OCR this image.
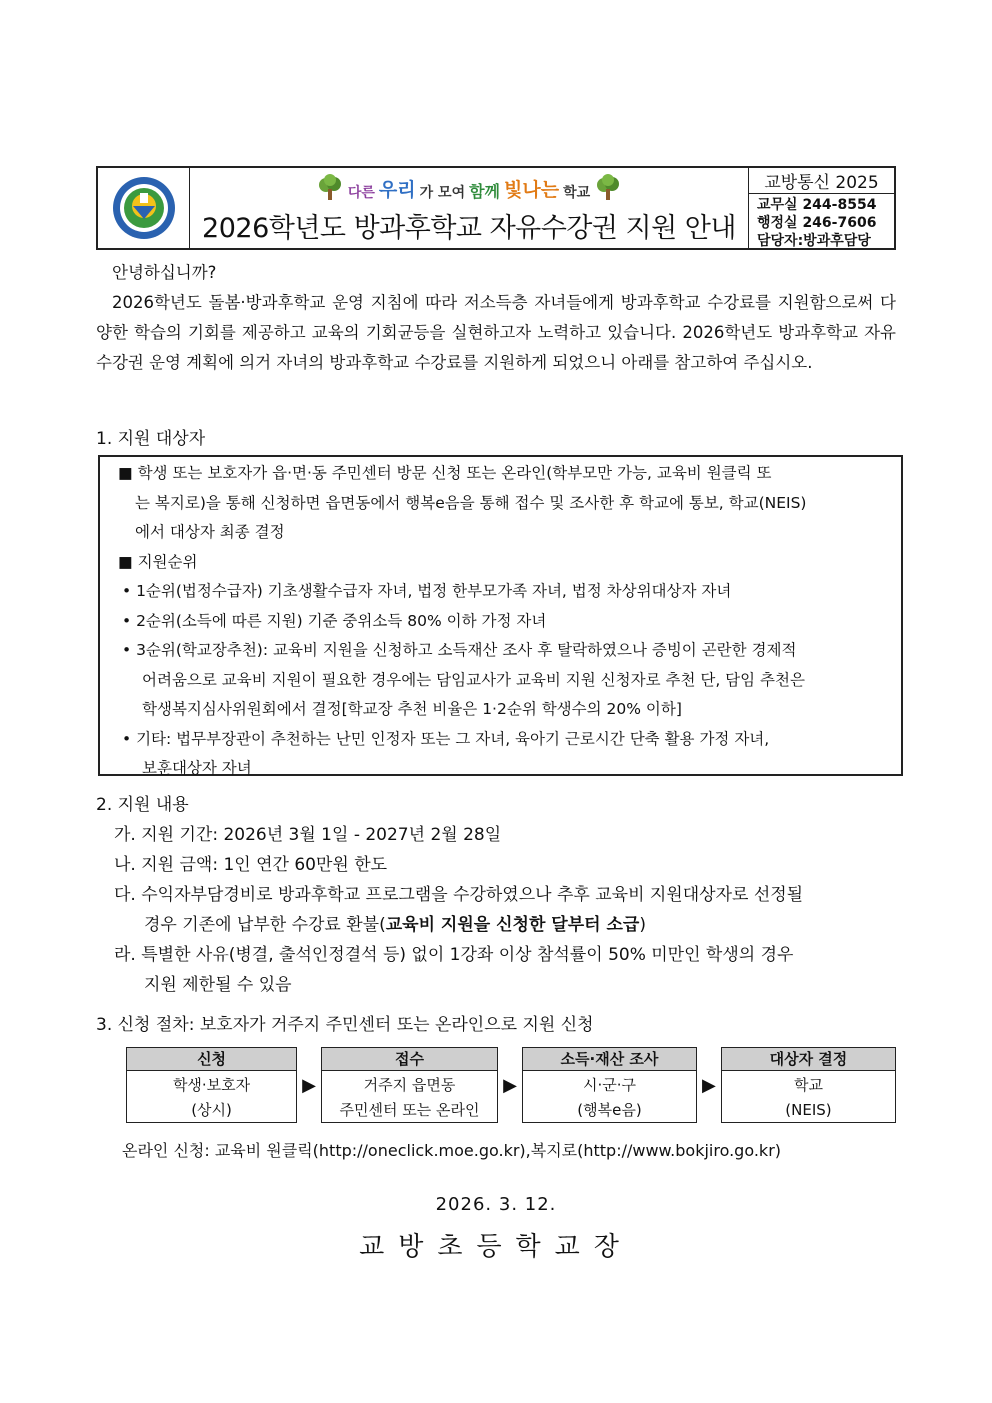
다른 우리 가 모여 함께 빛나는 학교
2026학년도 방과후학교 자유수강권 지원 안내
교방통신 2025
교무실 244-8554
행정실 246-7606
담당자:방과후담당
안녕하십니까?
2026학년도 돌봄·방과후학교 운영 지침에 따라 저소득층 자녀들에게 방과후학교 수강료를 지원함으로써 다양한 학습의 기회를 제공하고 교육의 기회균등을 실현하고자 노력하고 있습니다. 2026학년도 방과후학교 자유수강권 운영 계획에 의거 자녀의 방과후학교 수강료를 지원하게 되었으니 아래를 참고하여 주십시오.
1. 지원 대상자
■ 학생 또는 보호자가 읍·면·동 주민센터 방문 신청 또는 온라인(학부모만 가능, 교육비 원클릭 또
는 복지로)을 통해 신청하면 읍면동에서 행복e음을 통해 접수 및 조사한 후 학교에 통보, 학교(NEIS)
에서 대상자 최종 결정
■ 지원순위
• 1순위(법정수급자) 기초생활수급자 자녀, 법정 한부모가족 자녀, 법정 차상위대상자 자녀
• 2순위(소득에 따른 지원) 기준 중위소득 80% 이하 가정 자녀
• 3순위(학교장추천): 교육비 지원을 신청하고 소득재산 조사 후 탈락하였으나 증빙이 곤란한 경제적
어려움으로 교육비 지원이 필요한 경우에는 담임교사가 교육비 지원 신청자로 추천 단, 담임 추천은
학생복지심사위원회에서 결정[학교장 추천 비율은 1·2순위 학생수의 20% 이하]
• 기타: 법무부장관이 추천하는 난민 인정자 또는 그 자녀, 육아기 근로시간 단축 활용 가정 자녀,
보훈대상자 자녀
2. 지원 내용
가. 지원 기간: 2026년 3월 1일 - 2027년 2월 28일
나. 지원 금액: 1인 연간 60만원 한도
다. 수익자부담경비로 방과후학교 프로그램을 수강하였으나 추후 교육비 지원대상자로 선정될
경우 기존에 납부한 수강료 환불(교육비 지원을 신청한 달부터 소급)
라. 특별한 사유(병결, 출석인정결석 등) 없이 1강좌 이상 참석률이 50% 미만인 학생의 경우
지원 제한될 수 있음
3. 신청 절차: 보호자가 거주지 주민센터 또는 온라인으로 지원 신청
신청
학생·보호자
(상시)
▶
접수
거주지 읍면동
주민센터 또는 온라인
▶
소득·재산 조사
시·군·구
(행복e음)
▶
대상자 결정
학교
(NEIS)
온라인 신청: 교육비 원클릭(http://oneclick.moe.go.kr),복지로(http://www.bokjiro.go.kr)
2026. 3. 12.
교방초등학교장
